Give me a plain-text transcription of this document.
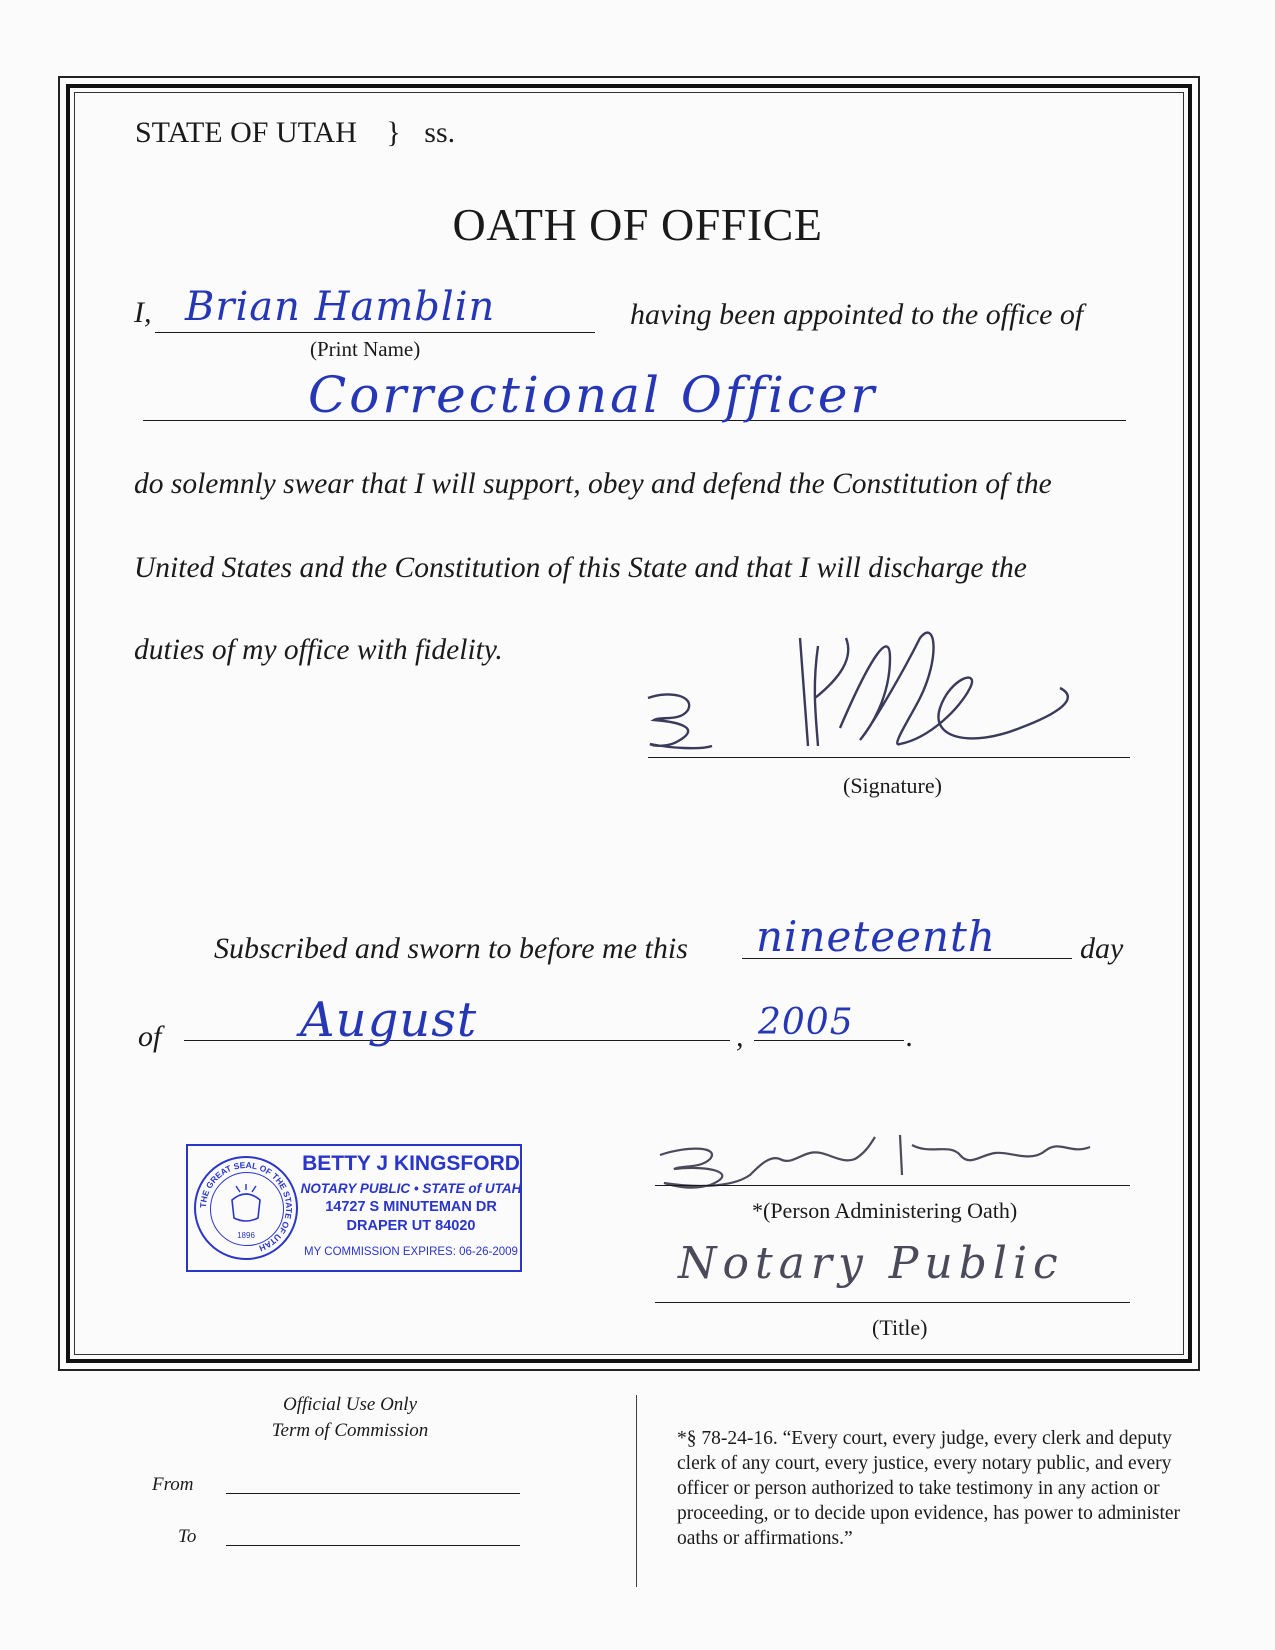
STATE OF UTAH } ss.
OATH OF OFFICE
I, Brian Hamblin
(Print Name)
having been appointed to the office of
Correctional Officer
do solemnly swear that I will support, obey and defend the Constitution of the
United States and the Constitution of this State and that I will discharge the
duties of my office with fidelity.
(Signature)
Subscribed and sworn to before me this nineteenth	day
of	August	, 2005 .
THE GREAT SEAL OF THE STATE OF UTAH
1896
BETTY J KINGSFORD
NOTARY PUBLIC • STATE of UTAH
14727 S MINUTEMAN DR
DRAPER UT 84020
MY COMMISSION EXPIRES: 06-26-2009
*(Person Administering Oath)
Notary Public
(Title)
Official Use Only
Term of Commission
From
To
*§ 78-24-16. “Every court, every judge, every clerk and deputy clerk of any court, every justice, every notary public, and every officer or person authorized to take testimony in any action or proceeding, or to decide upon evidence, has power to administer oaths or affirmations.”
